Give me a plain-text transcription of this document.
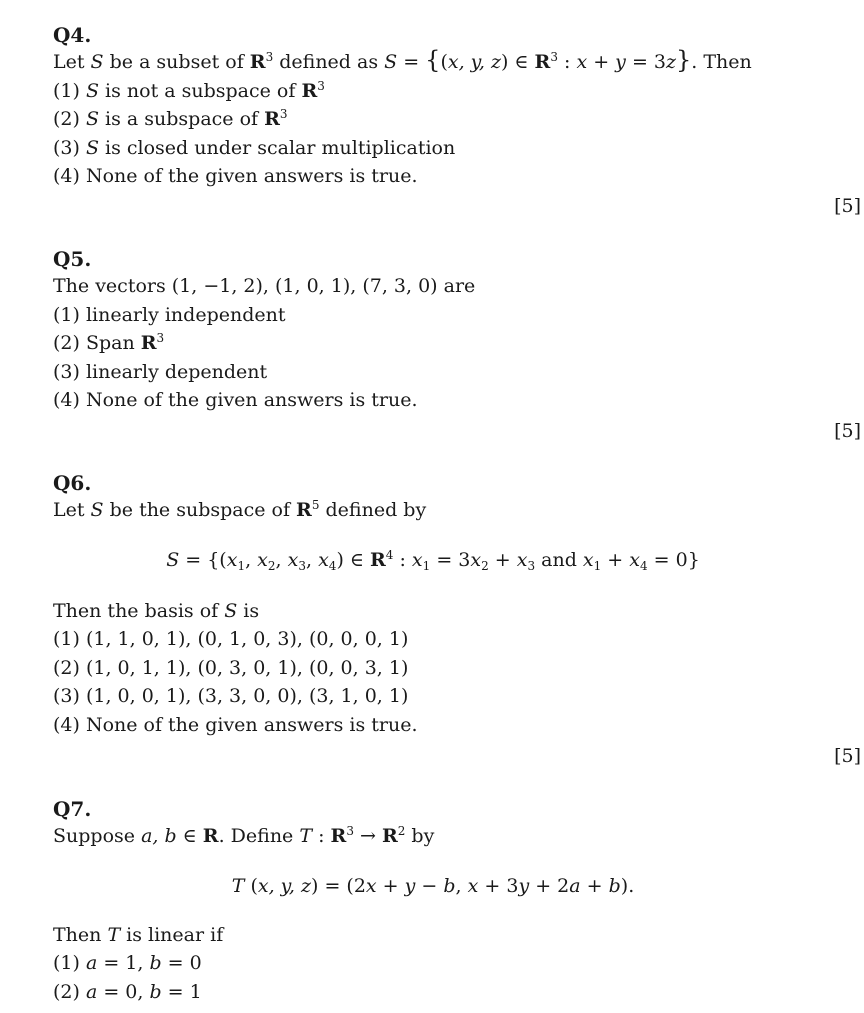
Q4.
Let S be a subset of $R^3$ defined as S = {(x, y, z) ∈ $R^3$ : x + y = 3z}. Then
(1) S is not a subspace of $R^3$
(2) S is a subspace of $R^3$
(3) S is closed under scalar multiplication
(4) None of the given answers is true.
[5]
Q5.
The vectors (1, −1, 2), (1, 0, 1), (7, 3, 0) are
(1) linearly independent
(2) Span $R^3$
(3) linearly dependent
(4) None of the given answers is true.
[5]
Q6.
Let S be the subspace of $R^5$ defined by
$S = \{(x_1$, $x_2$, $x_3$, $x_4$) ∈ $R^4$ : $x_1 = 3x_2 + x_3$ and $x_1 + x_4 = 0$}
Then the basis of S is
(1) (1, 1, 0, 1), (0, 1, 0, 3), (0, 0, 0, 1)
(2) (1, 0, 1, 1), (0, 3, 0, 1), (0, 0, 3, 1)
(3) (1, 0, 0, 1), (3, 3, 0, 0), (3, 1, 0, 1)
(4) None of the given answers is true.
[5]
Q7.
Suppose a, b ∈ R. Define T : $R^3 \to R^2$ by
T (x, y, z) = (2x + y − b, x + 3y + 2a + b).
Then T is linear if
(1) a = 1, b = 0
(2) a = 0, b = 1
